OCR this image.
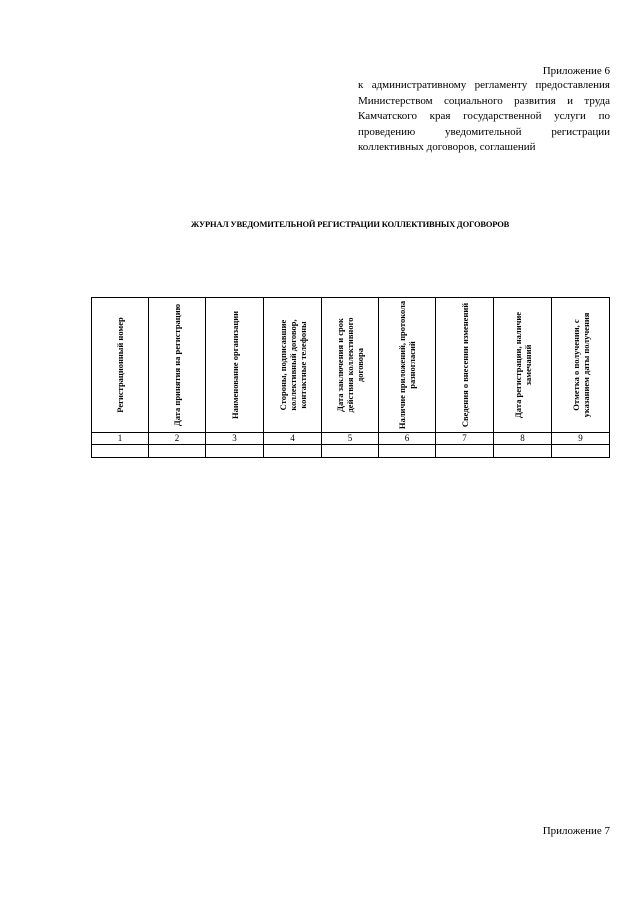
Приложение 6
к административному регламенту предоставления Министерством социального развития и труда Камчатского края государственной услуги по проведению уведомительной регистрации коллективных договоров, соглашений
ЖУРНАЛ УВЕДОМИТЕЛЬНОЙ РЕГИСТРАЦИИ КОЛЛЕКТИВНЫХ ДОГОВОРОВ
Регистрационный номер	Дата принятия на регистрацию	Наименование организации	Стороны, подписавшие коллективный договор, контактные телефоны	Дата заключения и срок действия коллективного договора	Наличие приложений, протокола разногласий	Сведения о внесении изменений	Дата регистрации, наличие замечаний	Отметка о получении, с указанием даты получения

1	2	3	4	5	6	7	8	9

Приложение 7
